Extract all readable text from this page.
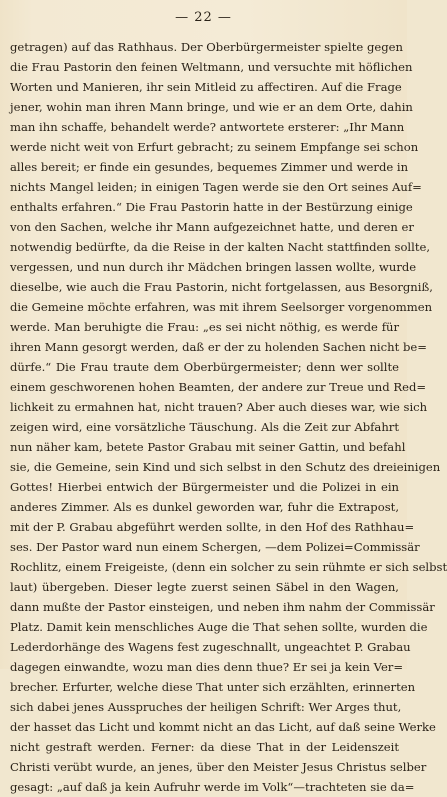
— 22 —
getragen) auf das Rathhaus. Der Oberbürgermeister spielte gegen
die Frau Pastorin den feinen Weltmann, und versuchte mit höflichen
Worten und Manieren, ihr sein Mitleid zu affectiren. Auf die Frage
jener, wohin man ihren Mann bringe, und wie er an dem Orte, dahin
man ihn schaffe, behandelt werde? antwortete ersterer: „Ihr Mann
werde nicht weit von Erfurt gebracht; zu seinem Empfange sei schon
alles bereit; er finde ein gesundes, bequemes Zimmer und werde in
nichts Mangel leiden; in einigen Tagen werde sie den Ort seines Auf=
enthalts erfahren.“ Die Frau Pastorin hatte in der Bestürzung einige
von den Sachen, welche ihr Mann aufgezeichnet hatte, und deren er
notwendig bedürfte, da die Reise in der kalten Nacht stattfinden sollte,
vergessen, und nun durch ihr Mädchen bringen lassen wollte, wurde
dieselbe, wie auch die Frau Pastorin, nicht fortgelassen, aus Besorgniß,
die Gemeine möchte erfahren, was mit ihrem Seelsorger vorgenommen
werde. Man beruhigte die Frau: „es sei nicht nöthig, es werde für
ihren Mann gesorgt werden, daß er der zu holenden Sachen nicht be=
dürfe.“ Die Frau traute dem Oberbürgermeister; denn wer sollte
einem geschworenen hohen Beamten, der andere zur Treue und Red=
lichkeit zu ermahnen hat, nicht trauen? Aber auch dieses war, wie sich
zeigen wird, eine vorsätzliche Täuschung. Als die Zeit zur Abfahrt
nun näher kam, betete Pastor Grabau mit seiner Gattin, und befahl
sie, die Gemeine, sein Kind und sich selbst in den Schutz des dreieinigen
Gottes! Hierbei entwich der Bürgermeister und die Polizei in ein
anderes Zimmer. Als es dunkel geworden war, fuhr die Extrapost,
mit der P. Grabau abgeführt werden sollte, in den Hof des Rathhau=
ses. Der Pastor ward nun einem Schergen, —dem Polizei=Commissär
Rochlitz, einem Freigeiste, (denn ein solcher zu sein rühmte er sich selbst
laut) übergeben. Dieser legte zuerst seinen Säbel in den Wagen,
dann mußte der Pastor einsteigen, und neben ihm nahm der Commissär
Platz. Damit kein menschliches Auge die That sehen sollte, wurden die
Lederdorhänge des Wagens fest zugeschnallt, ungeachtet P. Grabau
dagegen einwandte, wozu man dies denn thue? Er sei ja kein Ver=
brecher. Erfurter, welche diese That unter sich erzählten, erinnerten
sich dabei jenes Ausspruches der heiligen Schrift: Wer Arges thut,
der hasset das Licht und kommt nicht an das Licht, auf daß seine Werke
nicht gestraft werden. Ferner: da diese That in der Leidenszeit
Christi verübt wurde, an jenes, über den Meister Jesus Christus selber
gesagt: „auf daß ja kein Aufruhr werde im Volk“—trachteten sie da=
